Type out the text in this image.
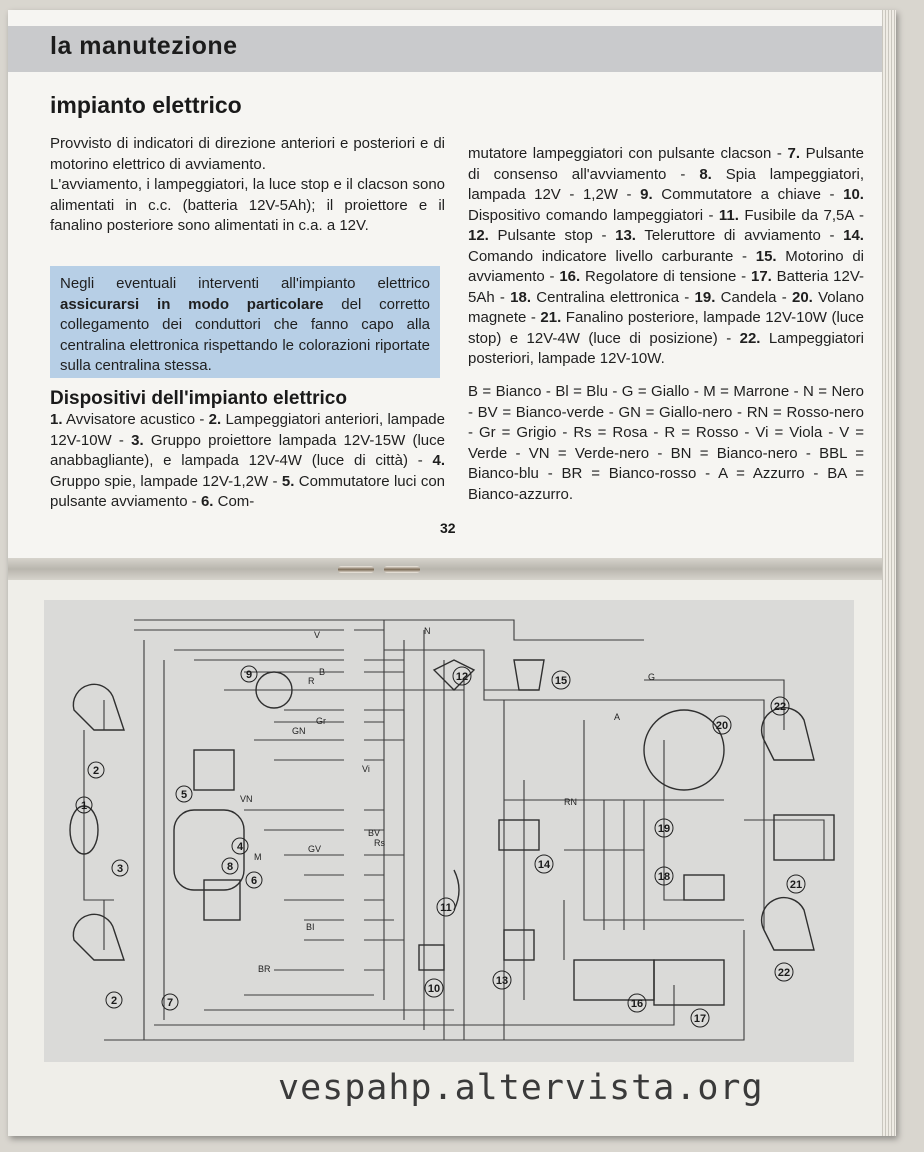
la manutezione
impianto elettrico
Provvisto di indicatori di direzione anteriori e posteriori e di motorino elettrico di avviamento.
L'avviamento, i lampeggiatori, la luce stop e il clacson sono alimentati in c.c. (batteria 12V-5Ah); il proiettore e il fanalino posteriore sono alimentati in c.a. a 12V.
Negli eventuali interventi all'impianto elettrico assicurarsi in modo particolare del corretto collegamento dei conduttori che fanno capo alla centralina elettronica rispettando le colorazioni riportate sulla centralina stessa.
Dispositivi dell'impianto elettrico
1. Avvisatore acustico - 2. Lampeggiatori anteriori, lampade 12V-10W - 3. Gruppo proiettore lampada 12V-15W (luce anabbagliante), e lampada 12V-4W (luce di città) - 4. Gruppo spie, lampade 12V-1,2W - 5. Commutatore luci con pulsante avviamento - 6. Com-
mutatore lampeggiatori con pulsante clacson - 7. Pulsante di consenso all'avviamento - 8. Spia lampeggiatori, lampada 12V - 1,2W - 9. Commutatore a chiave - 10. Dispositivo comando lampeggiatori - 11. Fusibile da 7,5A - 12. Pulsante stop - 13. Teleruttore di avviamento - 14. Comando indicatore livello carburante - 15. Motorino di avviamento - 16. Regolatore di tensione - 17. Batteria 12V-5Ah - 18. Centralina elettronica - 19. Candela - 20. Volano magnete - 21. Fanalino posteriore, lampade 12V-10W (luce stop) e 12V-4W (luce di posizione) - 22. Lampeggiatori posteriori, lampade 12V-10W.
B = Bianco - Bl = Blu - G = Giallo - M = Marrone - N = Nero - BV = Bianco-verde - GN = Giallo-nero - RN = Rosso-nero - Gr = Grigio - Rs = Rosa - R = Rosso - Vi = Viola - V = Verde - VN = Verde-nero - BN = Bianco-nero - BBL = Bianco-blu - BR = Bianco-rosso - A = Azzurro - BA = Bianco-azzurro.
32
1
2
2
3
4
5
6
7
8
9
10
11
12
13
14
15
16
17
18
19
20
21
22
22
V	N
B
R
Gr
GN
Vi
Rs
VN
BV
BR
M
GV
BI
G
A
RN
vespahp.altervista.org
